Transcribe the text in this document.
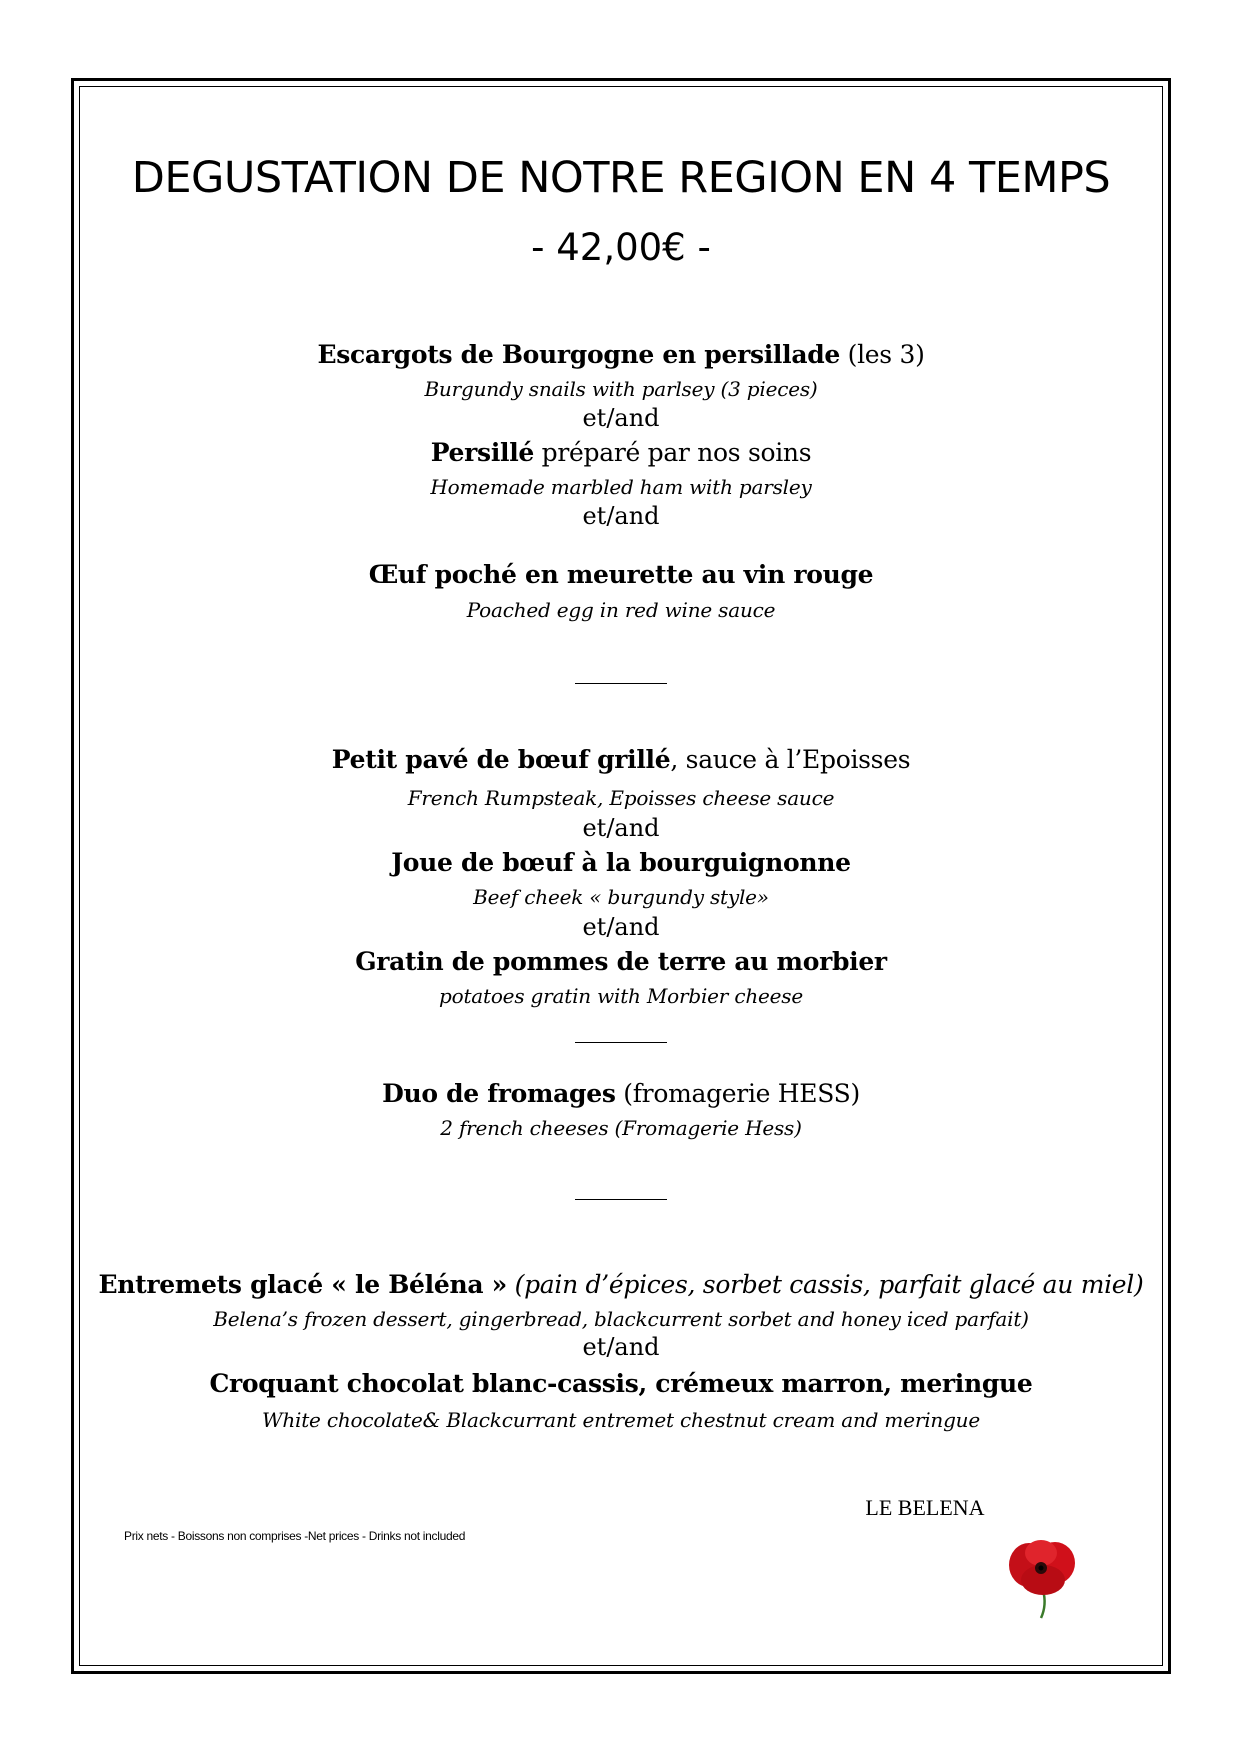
DEGUSTATION DE NOTRE REGION EN 4 TEMPS
- 42,00€ -
Escargots de Bourgogne en persillade (les 3)
Burgundy snails with parlsey (3 pieces)
et/and
Persillé préparé par nos soins
Homemade marbled ham with parsley
et/and
Œuf poché en meurette au vin rouge
Poached egg in red wine sauce
Petit pavé de bœuf grillé, sauce à l’Epoisses
French Rumpsteak, Epoisses cheese sauce
et/and
Joue de bœuf à la bourguignonne
Beef cheek « burgundy style»
et/and
Gratin de pommes de terre au morbier
potatoes gratin with Morbier cheese
Duo de fromages (fromagerie HESS)
2 french cheeses (Fromagerie Hess)
Entremets glacé « le Béléna » (pain d’épices, sorbet cassis, parfait glacé au miel)
Belena’s frozen dessert, gingerbread, blackcurrent sorbet and honey iced parfait)
et/and
Croquant chocolat blanc-cassis, crémeux marron, meringue
White chocolate& Blackcurrant entremet chestnut cream and meringue
LE BELENA
Prix nets - Boissons non comprises -Net prices - Drinks not included
